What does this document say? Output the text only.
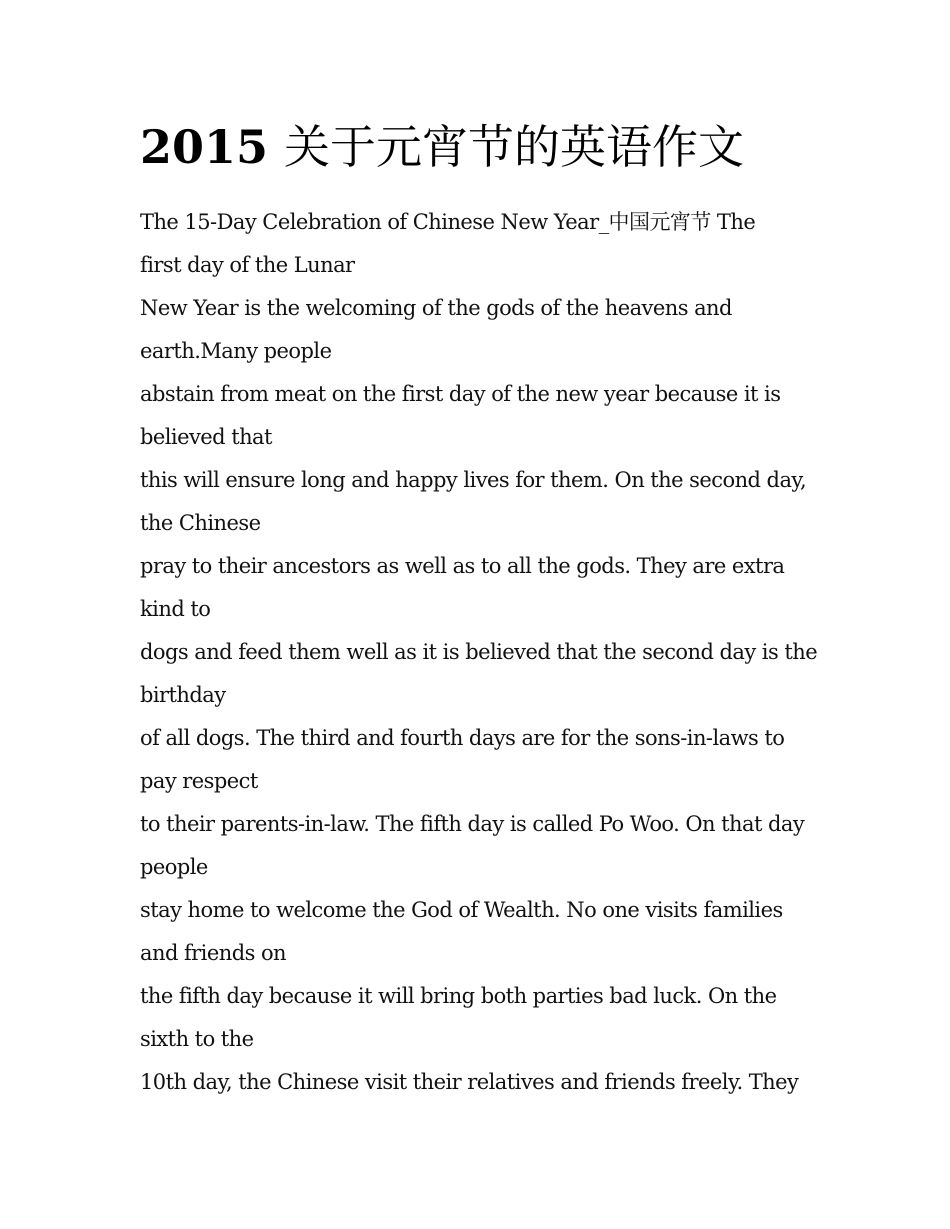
2015 关于元宵节的英语作文
The 15-Day Celebration of Chinese New Year_中国元宵节 The
first day of the Lunar
New Year is the welcoming of the gods of the heavens and
earth.Many people
abstain from meat on the first day of the new year because it is
believed that
this will ensure long and happy lives for them. On the second day,
the Chinese
pray to their ancestors as well as to all the gods. They are extra
kind to
dogs and feed them well as it is believed that the second day is the
birthday
of all dogs. The third and fourth days are for the sons-in-laws to
pay respect
to their parents-in-law. The fifth day is called Po Woo. On that day
people
stay home to welcome the God of Wealth. No one visits families
and friends on
the fifth day because it will bring both parties bad luck. On the
sixth to the
10th day, the Chinese visit their relatives and friends freely. They
